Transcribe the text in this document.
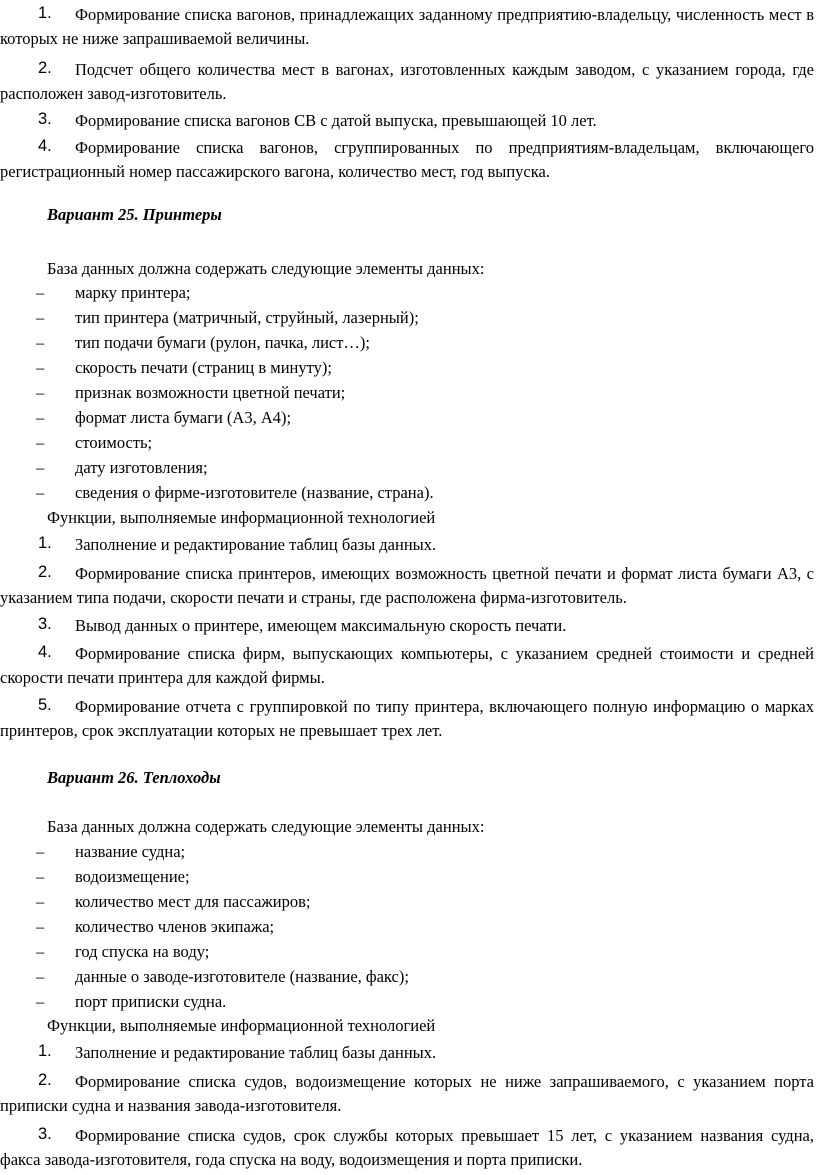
1.	Формирование списка вагонов, принадлежащих заданному предприятию-владельцу, численность мест в которых не ниже запрашиваемой величины.
2.	Подсчет общего количества мест в вагонах, изготовленных каждым заводом, с указанием города, где расположен завод-изготовитель.
3.	Формирование списка вагонов СВ с датой выпуска, превышающей 10 лет.
4.	Формирование списка вагонов, сгруппированных по предприятиям-владельцам, включающего регистрационный номер пассажирского вагона, количество мест, год выпуска.
Вариант 25. Принтеры
База данных должна содержать следующие элементы данных:
– марку принтера;
– тип принтера (матричный, струйный, лазерный);
– тип подачи бумаги (рулон, пачка, лист…);
– скорость печати (страниц в минуту);
– признак возможности цветной печати;
– формат листа бумаги (А3, А4);
– стоимость;
– дату изготовления;
– сведения о фирме-изготовителе (название, страна).
Функции, выполняемые информационной технологией
1.	Заполнение и редактирование таблиц базы данных.
2.	Формирование списка принтеров, имеющих возможность цветной печати и формат листа бумаги А3, с указанием типа подачи, скорости печати и страны, где расположена фирма-изготовитель.
3.	Вывод данных о принтере, имеющем максимальную скорость печати.
4.	Формирование списка фирм, выпускающих компьютеры, с указанием средней стоимости и средней скорости печати принтера для каждой фирмы.
5.	Формирование отчета с группировкой по типу принтера, включающего полную информацию о марках принтеров, срок эксплуатации которых не превышает трех лет.
Вариант 26. Теплоходы
База данных должна содержать следующие элементы данных:
– название судна;
– водоизмещение;
– количество мест для пассажиров;
– количество членов экипажа;
– год спуска на воду;
– данные о заводе-изготовителе (название, факс);
– порт приписки судна.
Функции, выполняемые информационной технологией
1.	Заполнение и редактирование таблиц базы данных.
2.	Формирование списка судов, водоизмещение которых не ниже запрашиваемого, с указанием порта приписки судна и названия завода-изготовителя.
3.	Формирование списка судов, срок службы которых превышает 15 лет, с указанием названия судна, факса завода-изготовителя, года спуска на воду, водоизмещения и порта приписки.
